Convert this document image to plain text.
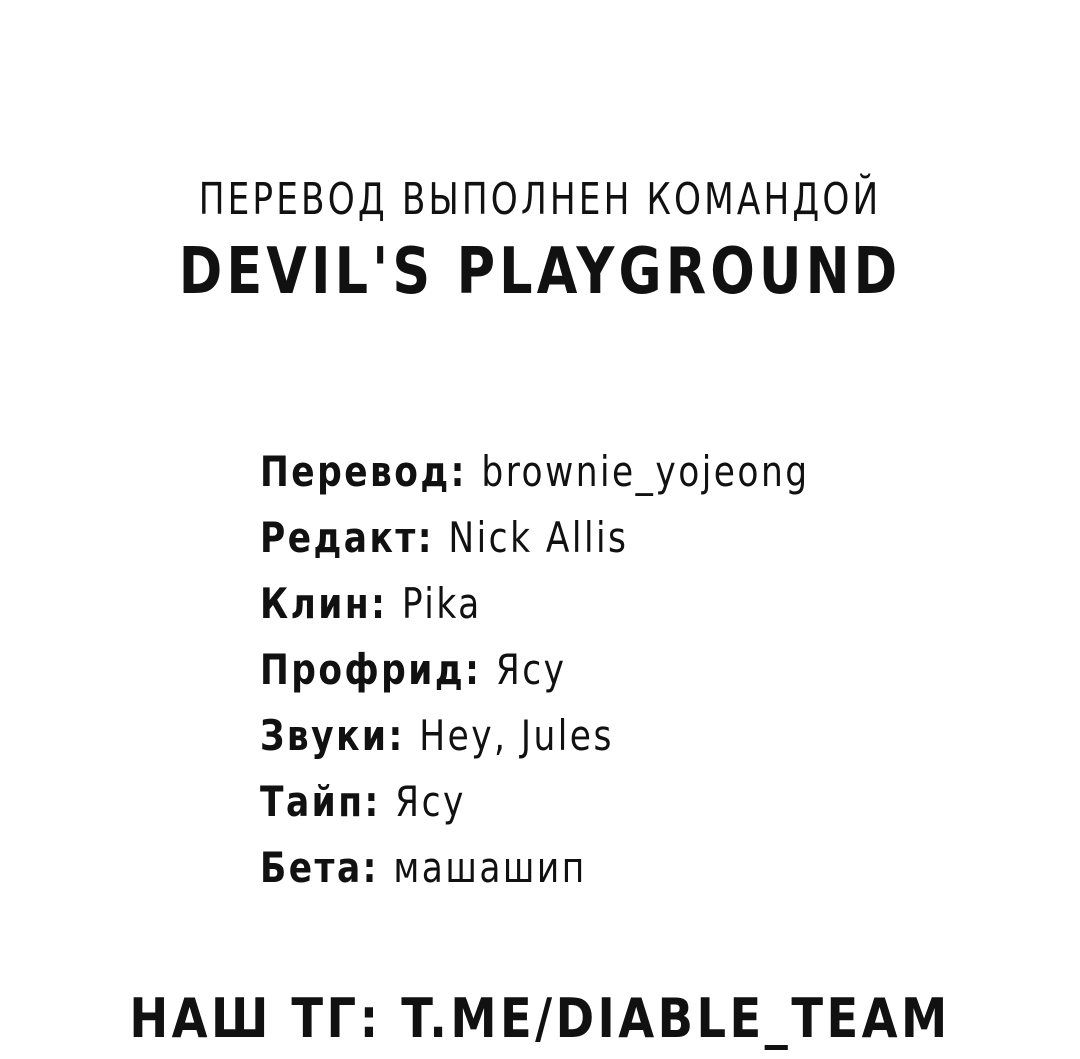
ПЕРЕВОД ВЫПОЛНЕН КОМАНДОЙ
DEVIL'S PLAYGROUND
Перевод: brownie_yojeong
Редакт: Nick Allis
Клин: Pika
Профрид: Ясу
Звуки: Hey, Jules
Тайп: Ясу
Бета: машашип
НАШ ТГ: T.ME/DIABLE_TEAM
